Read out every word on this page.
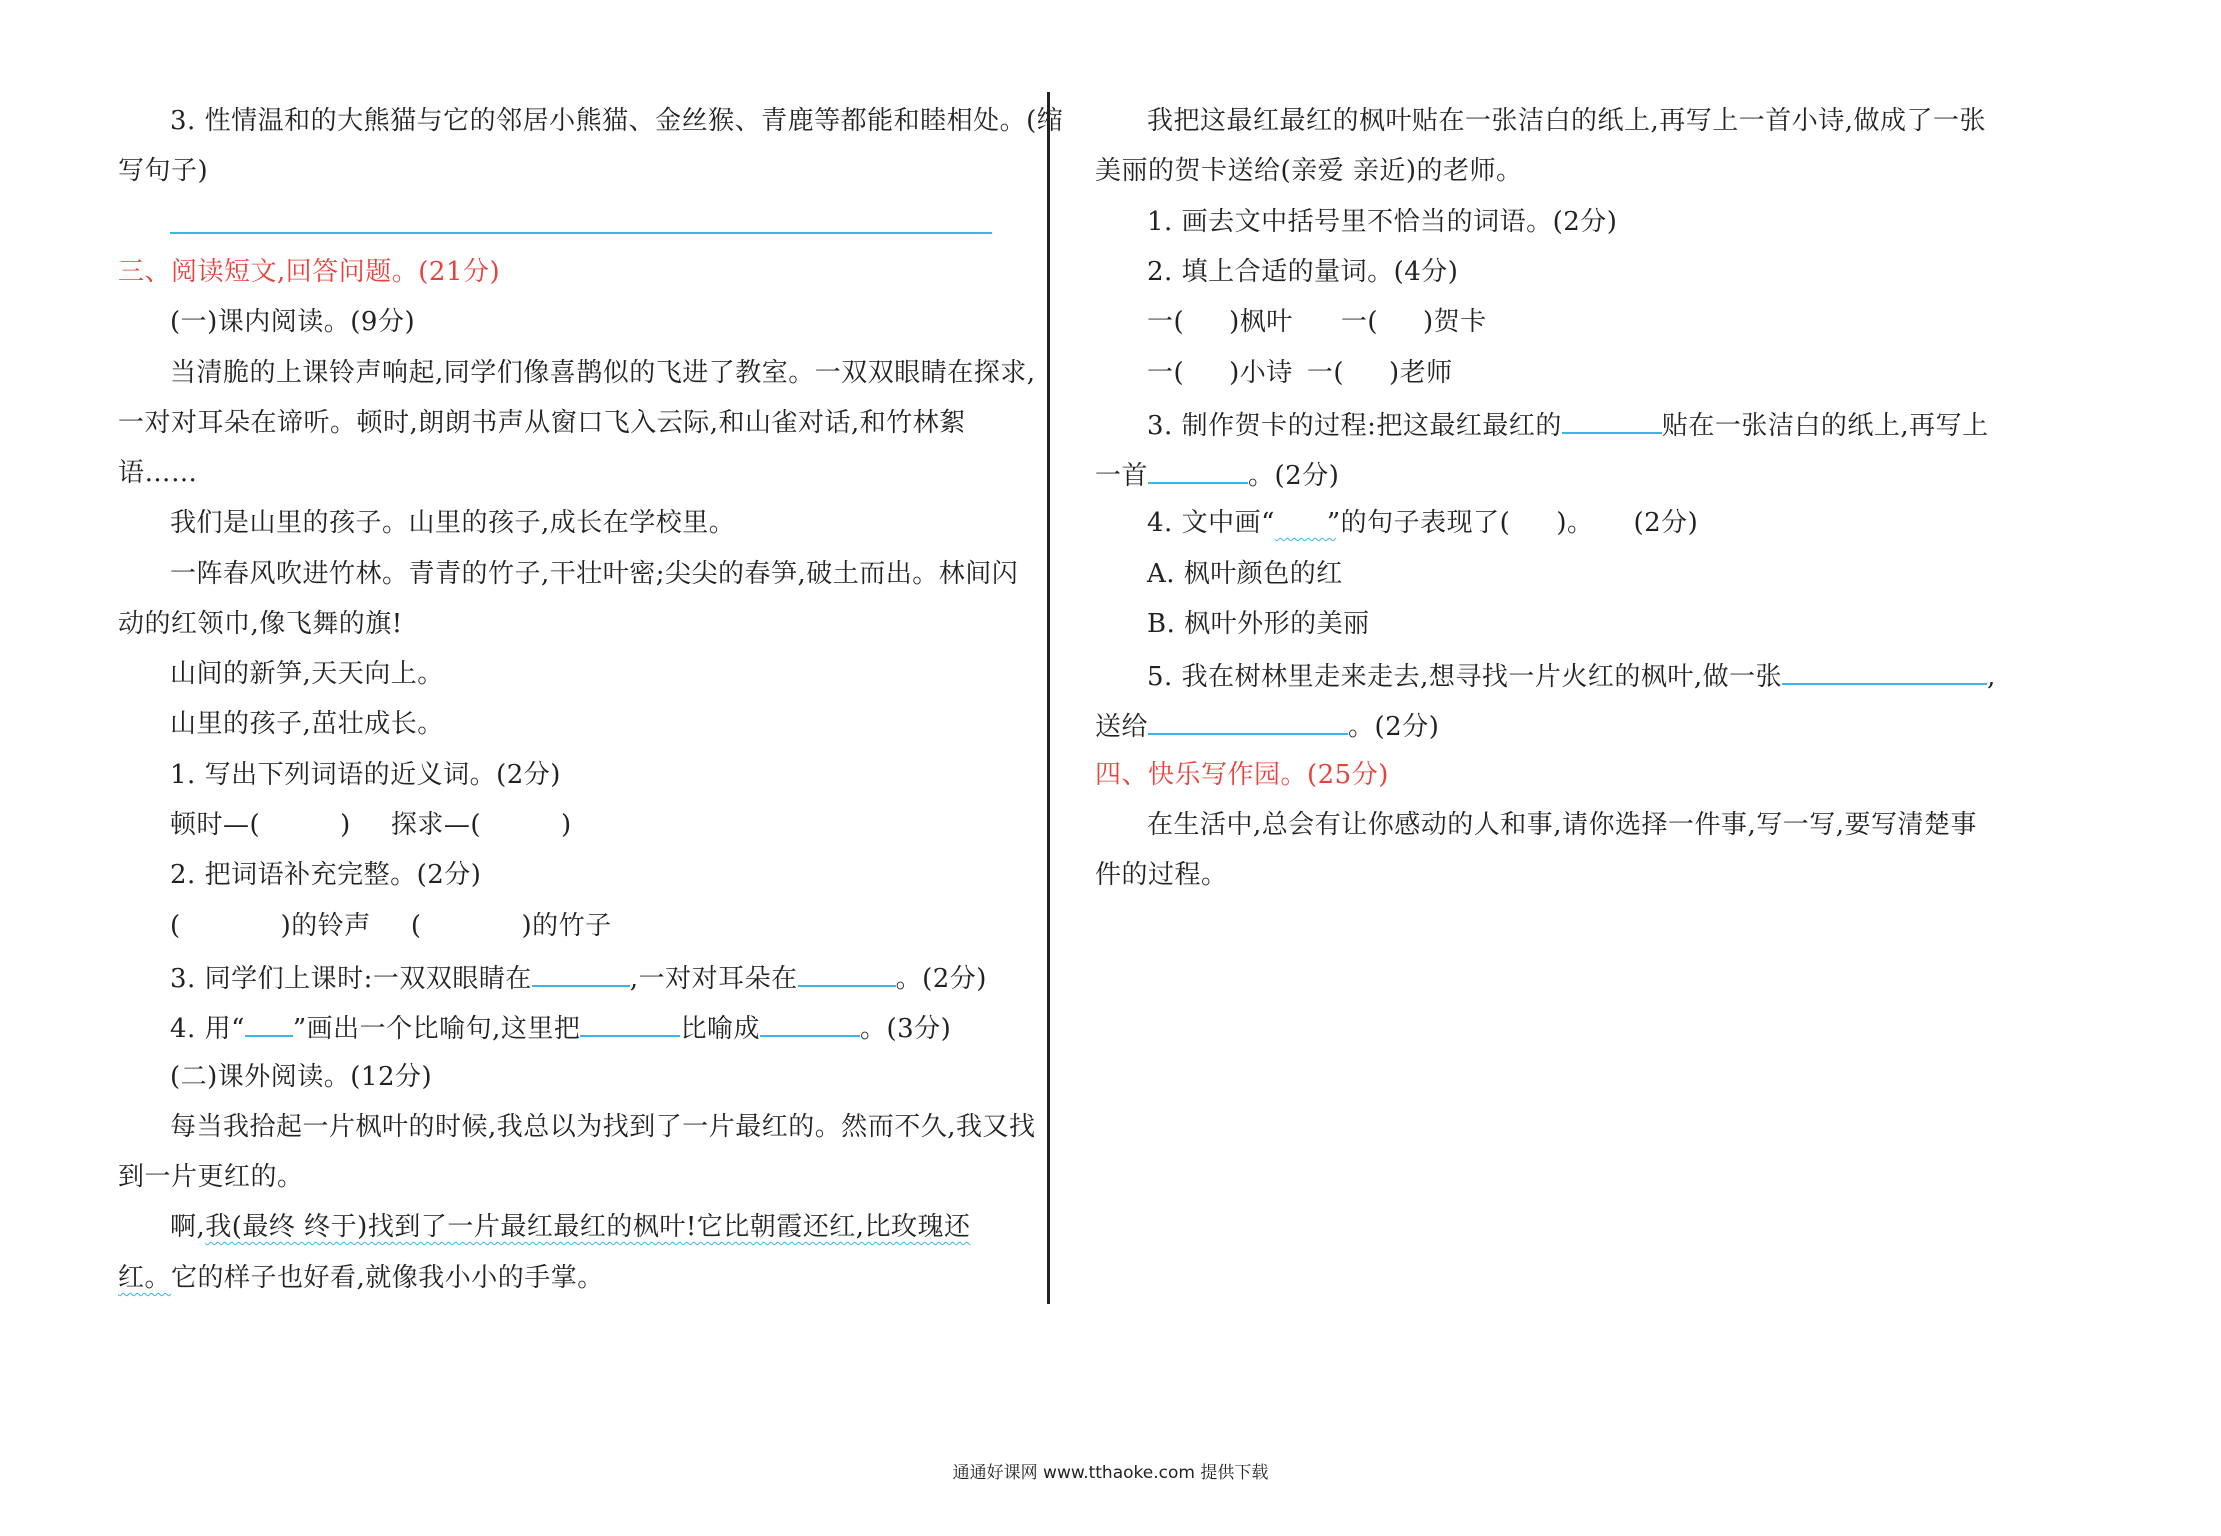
3. 性情温和的大熊猫与它的邻居小熊猫、金丝猴、青鹿等都能和睦相处。(缩
写句子)
三、阅读短文,回答问题。(21分)
(一)课内阅读。(9分)
当清脆的上课铃声响起,同学们像喜鹊似的飞进了教室。一双双眼睛在探求,
一对对耳朵在谛听。顿时,朗朗书声从窗口飞入云际,和山雀对话,和竹林絮
语……
我们是山里的孩子。山里的孩子,成长在学校里。
一阵春风吹进竹林。青青的竹子,干壮叶密;尖尖的春笋,破土而出。林间闪
动的红领巾,像飞舞的旗!
山间的新笋,天天向上。
山里的孩子,茁壮成长。
1. 写出下列词语的近义词。(2分)
顿时—(	) 探求—(	)
2. 把词语补充完整。(2分)
(	)的铃声 (	)的竹子
3. 同学们上课时:一双双眼睛在	,一对对耳朵在	。(2分)
4. 用“ ”画出一个比喻句,这里把	比喻成	。(3分)
(二)课外阅读。(12分)
每当我拾起一片枫叶的时候,我总以为找到了一片最红的。然而不久,我又找
到一片更红的。
啊,我(最终 终于)找到了一片最红最红的枫叶!它比朝霞还红,比玫瑰还
红。它的样子也好看,就像我小小的手掌。
我把这最红最红的枫叶贴在一张洁白的纸上,再写上一首小诗,做成了一张
美丽的贺卡送给(亲爱 亲近)的老师。
1. 画去文中括号里不恰当的词语。(2分)
2. 填上合适的量词。(4分)
一( )枫叶 一( )贺卡
一( )小诗 一( )老师
3. 制作贺卡的过程:把这最红最红的	贴在一张洁白的纸上,再写上
一首	。(2分)
4. 文中画“ ”的句子表现了( )。 (2分)
A. 枫叶颜色的红
B. 枫叶外形的美丽
5. 我在树林里走来走去,想寻找一片火红的枫叶,做一张	,
送给	。(2分)
四、快乐写作园。(25分)
在生活中,总会有让你感动的人和事,请你选择一件事,写一写,要写清楚事
件的过程。
通通好课网 www.tthaoke.com 提供下载
